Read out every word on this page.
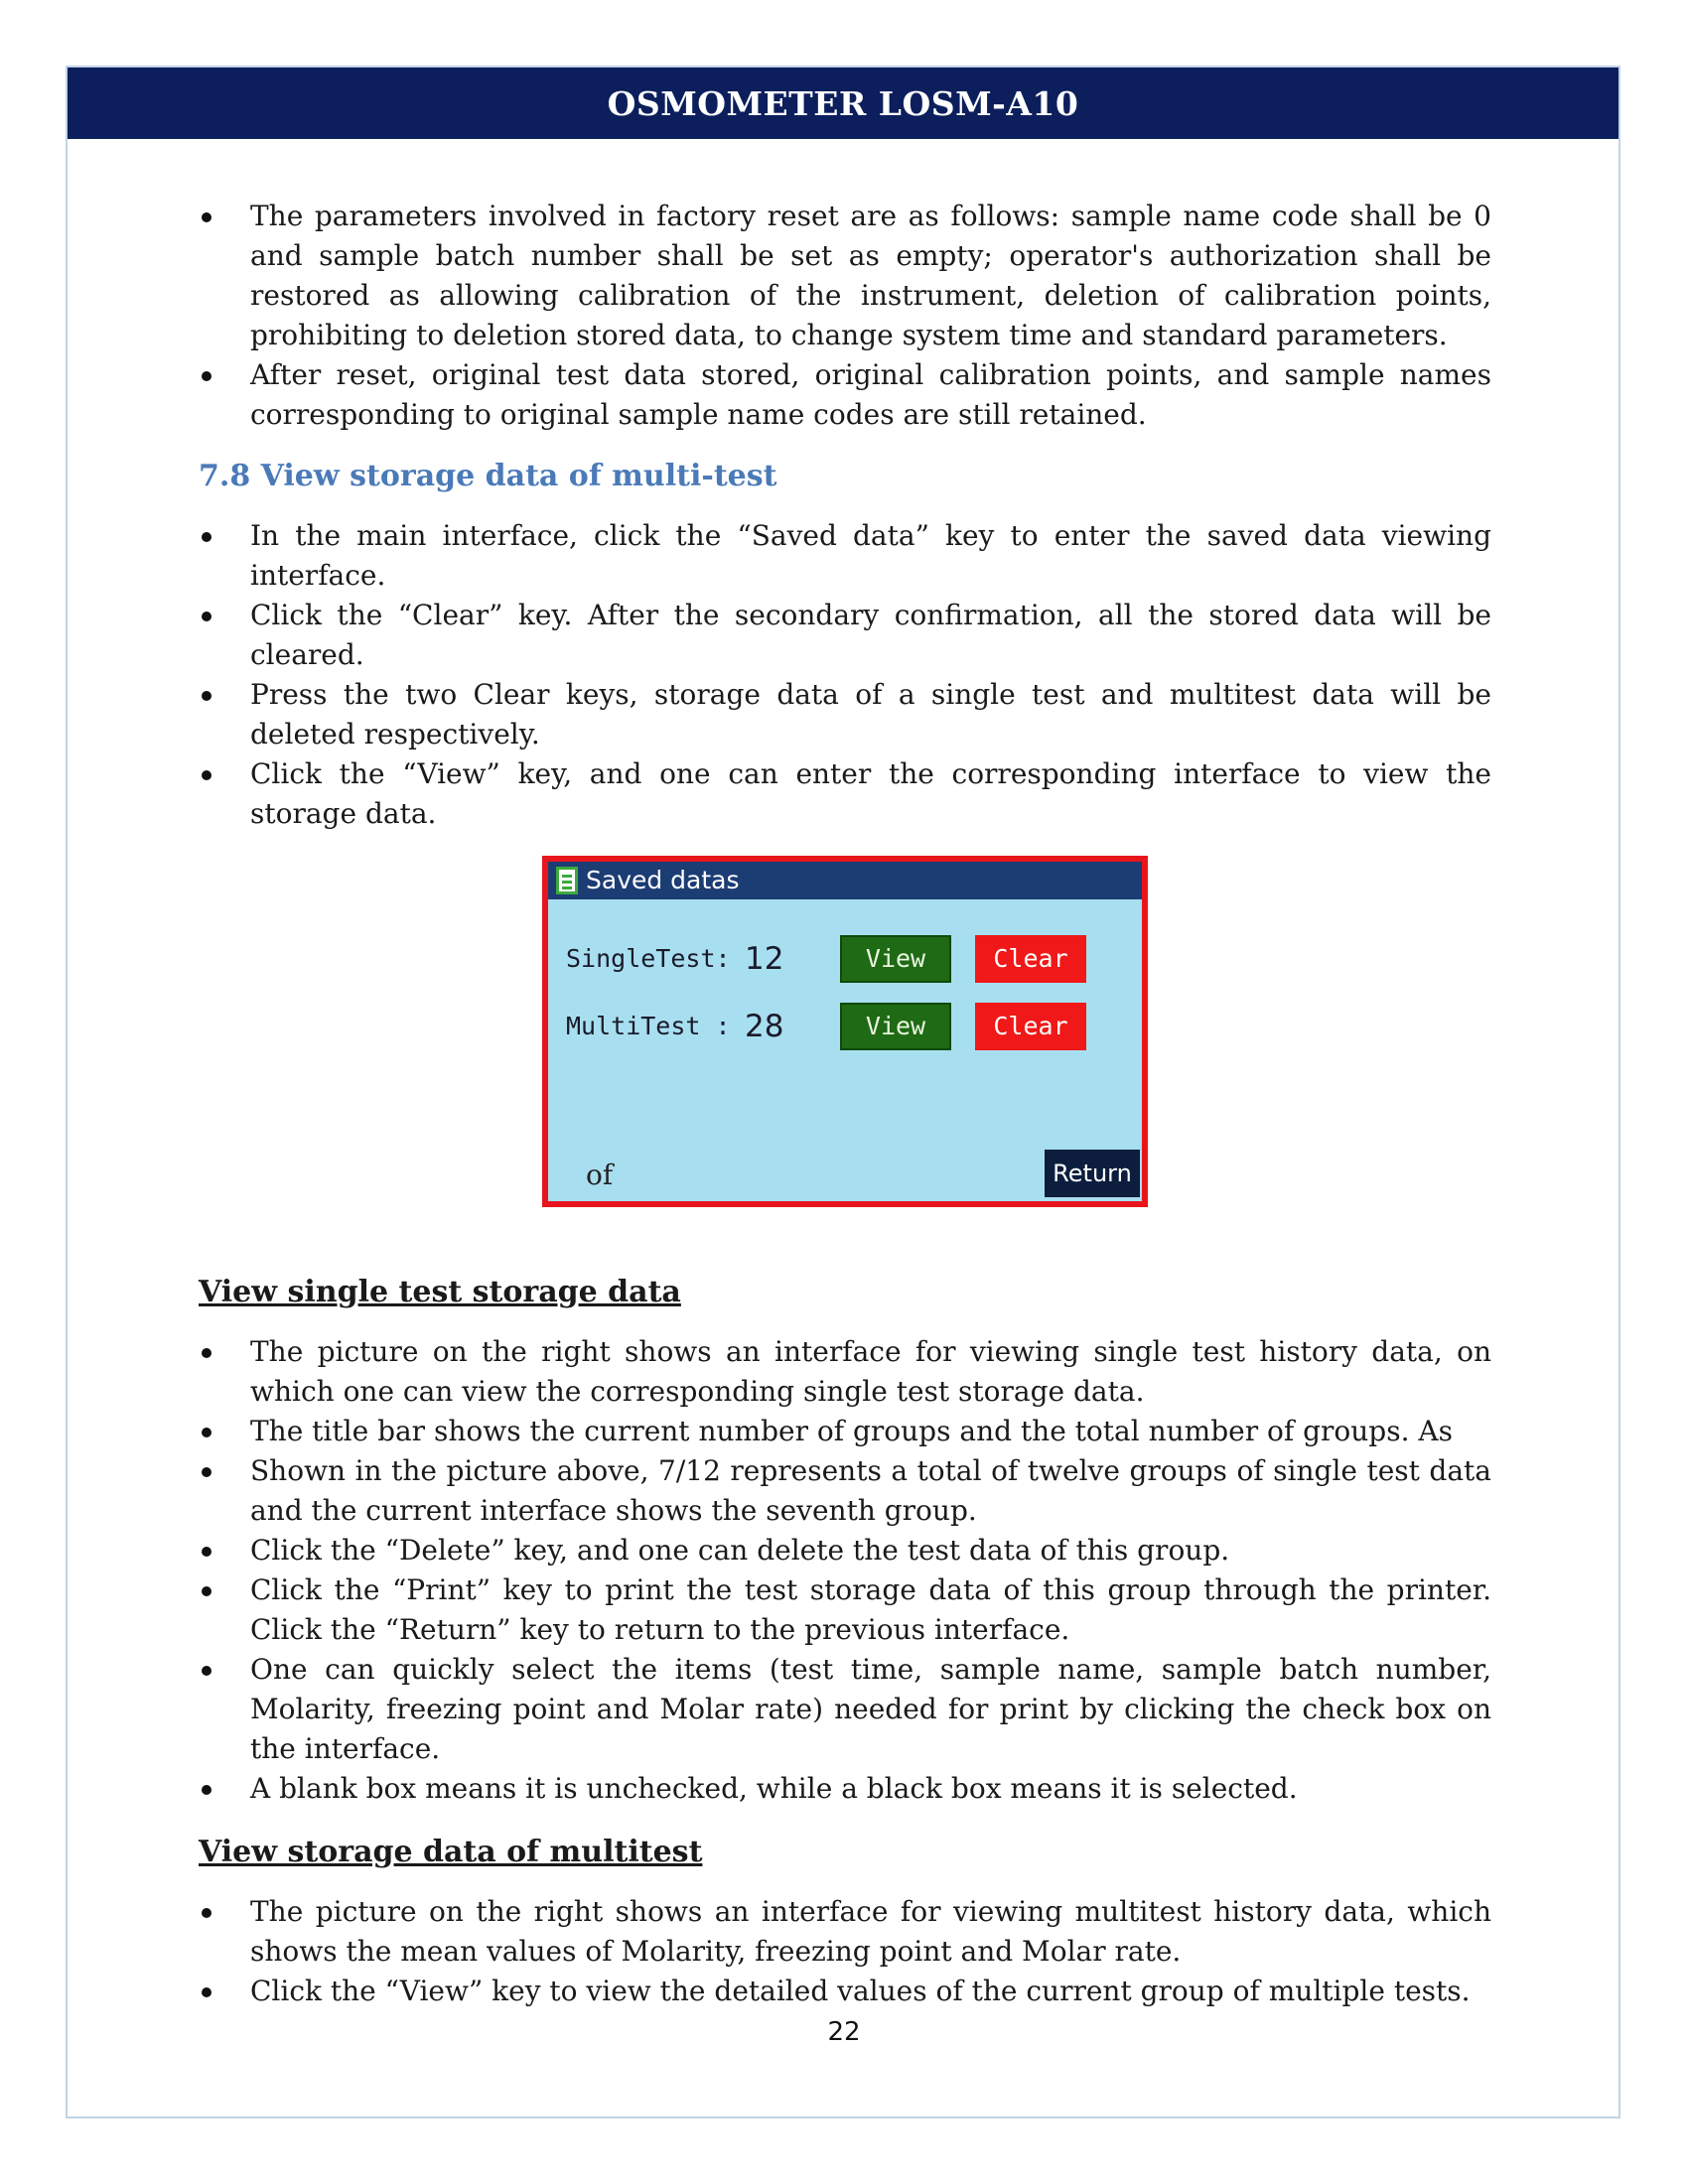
OSMOMETER LOSM-A10
The parameters involved in factory reset are as follows: sample name code shall be 0 and sample batch number shall be set as empty; operator's authorization shall be restored as allowing calibration of the instrument, deletion of calibration points, prohibiting to deletion stored data, to change system time and standard parameters.
After reset, original test data stored, original calibration points, and sample names corresponding to original sample name codes are still retained.
7.8 View storage data of multi-test
In the main interface, click the “Saved data” key to enter the saved data viewing interface.
Click the “Clear” key. After the secondary confirmation, all the stored data will be cleared.
Press the two Clear keys, storage data of a single test and multitest data will be deleted respectively.
Click the “View” key, and one can enter the corresponding interface to view the storage data.
Saved datas
SingleTest: 12	View	Clear
MultiTest : 28	View	Clear
of	Return
View single test storage data
The picture on the right shows an interface for viewing single test history data, on which one can view the corresponding single test storage data.
The title bar shows the current number of groups and the total number of groups. As
Shown in the picture above, 7/12 represents a total of twelve groups of single test data and the current interface shows the seventh group.
Click the “Delete” key, and one can delete the test data of this group.
Click the “Print” key to print the test storage data of this group through the printer. Click the “Return” key to return to the previous interface.
One can quickly select the items (test time, sample name, sample batch number, Molarity, freezing point and Molar rate) needed for print by clicking the check box on the interface.
A blank box means it is unchecked, while a black box means it is selected.
View storage data of multitest
The picture on the right shows an interface for viewing multitest history data, which shows the mean values of Molarity, freezing point and Molar rate.
Click the “View” key to view the detailed values of the current group of multiple tests.
22
